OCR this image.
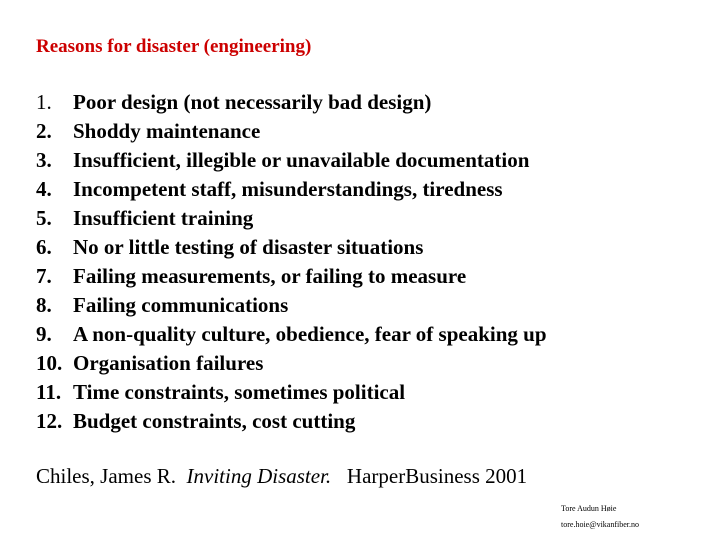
Reasons for disaster (engineering)
1.	Poor design (not necessarily bad design)
2.	Shoddy maintenance
3.	Insufficient, illegible or unavailable documentation
4.	Incompetent staff, misunderstandings, tiredness
5.	Insufficient training
6.	No or little testing of disaster situations
7.	Failing measurements, or failing to measure
8.	Failing communications
9.	A non-quality culture, obedience, fear of speaking up
10. Organisation failures
11. Time constraints, sometimes political
12. Budget constraints, cost cutting
Chiles, James R. Inviting Disaster. HarperBusiness 2001
Tore Audun Høie
tore.hoie@vikanfiber.no
